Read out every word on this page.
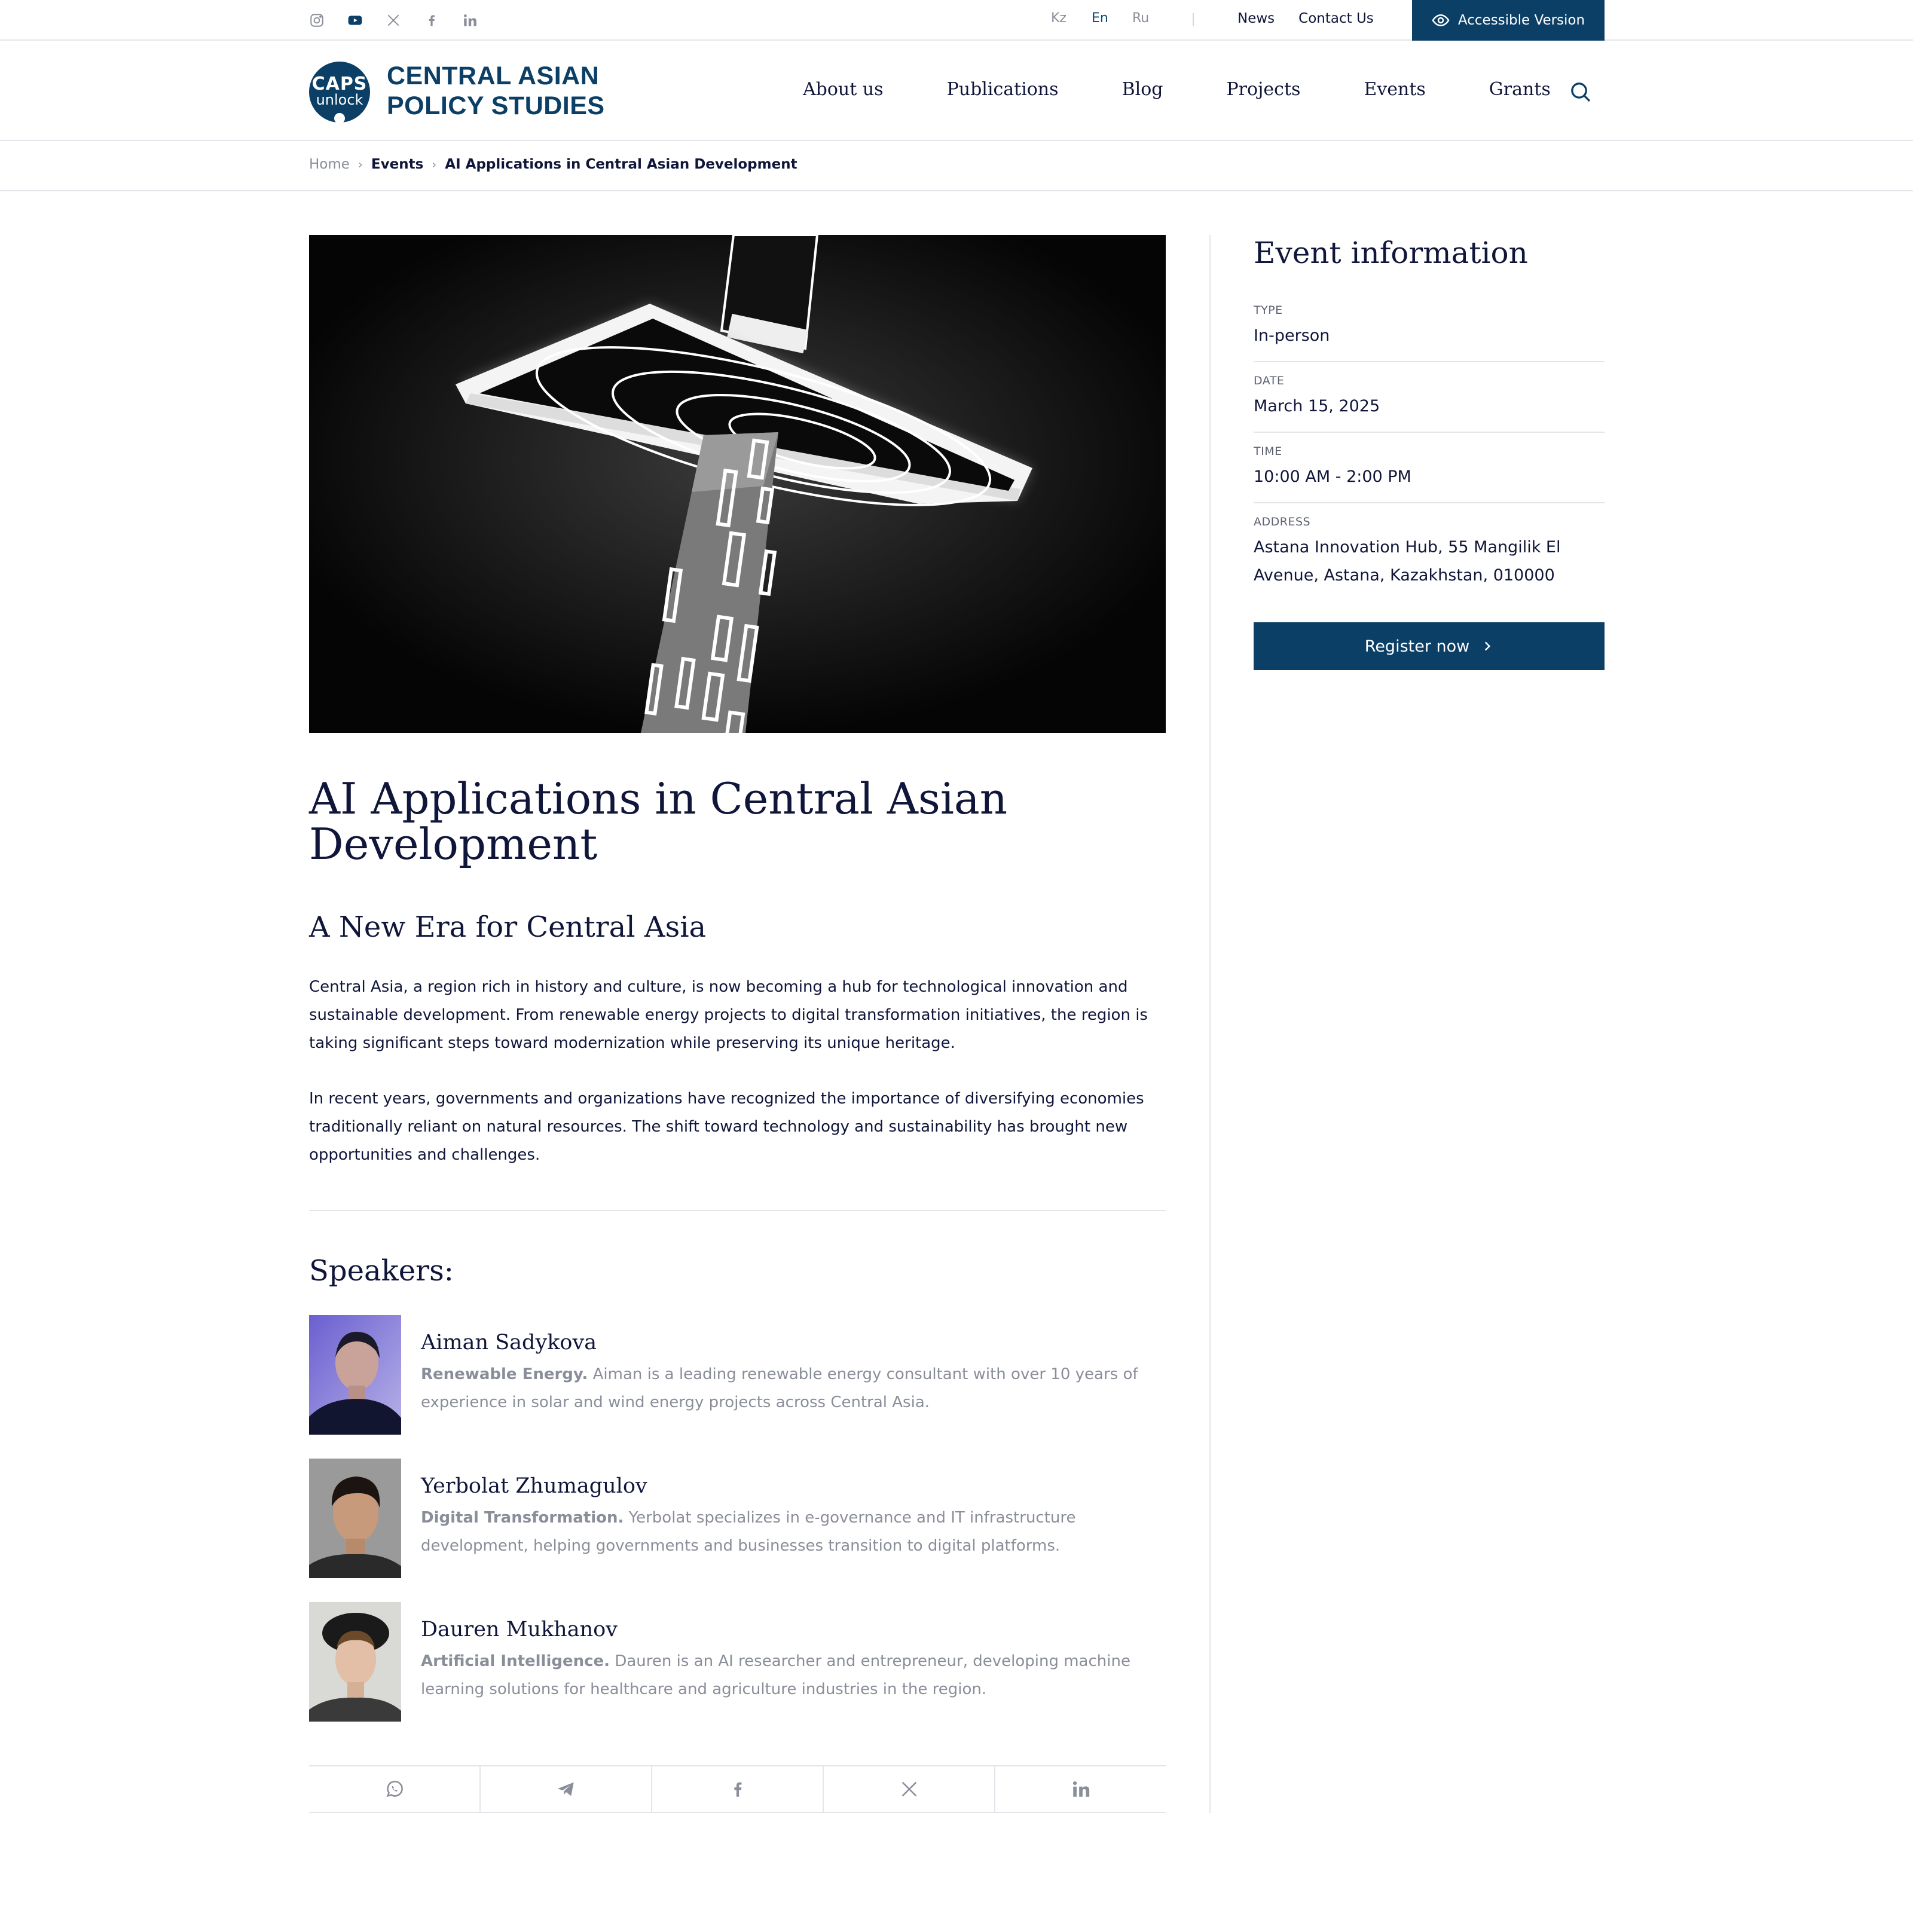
Kz	En	Ru	News Contact Us	Accessible Version
CAPS
unlock
CENTRAL ASIAN
POLICY STUDIES
About us	Publications	Blog	Projects	Events	Grants
Home › Events › AI Applications in Central Asian Development
AI Applications in Central Asian Development
A New Era for Central Asia

Central Asia, a region rich in history and culture, is now becoming a hub for technological innovation and sustainable development. From renewable energy projects to digital transformation initiatives, the region is taking significant steps toward modernization while preserving its unique heritage.

In recent years, governments and organizations have recognized the importance of diversifying economies traditionally reliant on natural resources. The shift toward technology and sustainability has brought new opportunities and challenges.

Speakers:
Aiman Sadykova
Renewable Energy. Aiman is a leading renewable energy consultant with over 10 years of experience in solar and wind energy projects across Central Asia.
Yerbolat Zhumagulov
Digital Transformation. Yerbolat specializes in e-governance and IT infrastructure development, helping governments and businesses transition to digital platforms.
Dauren Mukhanov
Artificial Intelligence. Dauren is an AI researcher and entrepreneur, developing machine learning solutions for healthcare and agriculture industries in the region.
Event information
TYPE
In-person
DATE
March 15, 2025
TIME
10:00 AM - 2:00 PM
ADDRESS
Astana Innovation Hub, 55 Mangilik El Avenue, Astana, Kazakhstan, 010000
Register now
